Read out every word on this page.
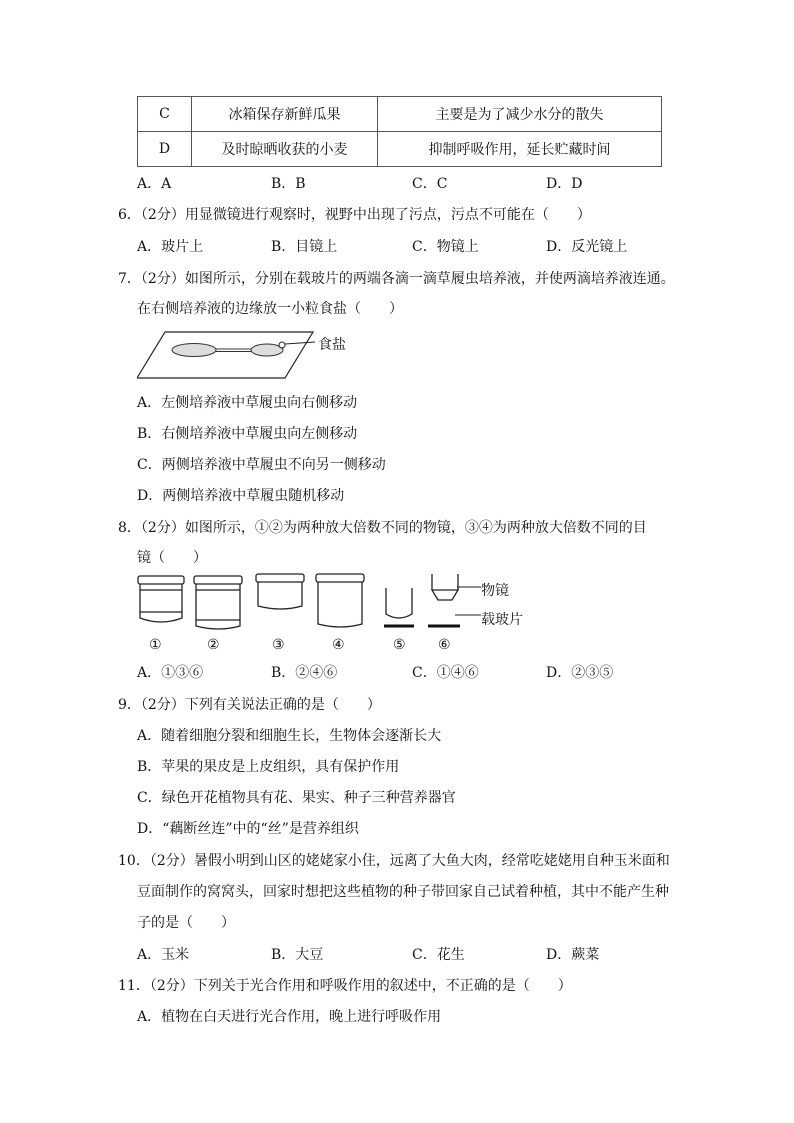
C	冰箱保存新鲜瓜果	主要是为了减少水分的散失
D	及时晾晒收获的小麦	抑制呼吸作用，延长贮藏时间
A．A	B．B	C．C	D．D
6．（2分）用显微镜进行观察时，视野中出现了污点，污点不可能在（　　）
A．玻片上	B．目镜上	C．物镜上	D．反光镜上
7．（2分）如图所示，分别在载玻片的两端各滴一滴草履虫培养液，并使两滴培养液连通。
在右侧培养液的边缘放一小粒食盐（　　）
食盐
A．左侧培养液中草履虫向右侧移动
B．右侧培养液中草履虫向左侧移动
C．两侧培养液中草履虫不向另一侧移动
D．两侧培养液中草履虫随机移动
8．（2分）如图所示，①②为两种放大倍数不同的物镜，③④为两种放大倍数不同的目
镜（　　）
物镜
载玻片
①	②	③	④	⑤ ⑥
A．①③⑥	B．②④⑥	C．①④⑥	D．②③⑤
9．（2分）下列有关说法正确的是（　　）
A．随着细胞分裂和细胞生长，生物体会逐渐长大
B．苹果的果皮是上皮组织，具有保护作用
C．绿色开花植物具有花、果实、种子三种营养器官
D．“藕断丝连”中的“丝”是营养组织
10．（2分）暑假小明到山区的姥姥家小住，远离了大鱼大肉，经常吃姥姥用自种玉米面和
豆面制作的窝窝头，回家时想把这些植物的种子带回家自己试着种植，其中不能产生种
子的是（　　）
A．玉米	B．大豆	C．花生	D．蕨菜
11．（2分）下列关于光合作用和呼吸作用的叙述中，不正确的是（　　）
A．植物在白天进行光合作用，晚上进行呼吸作用
